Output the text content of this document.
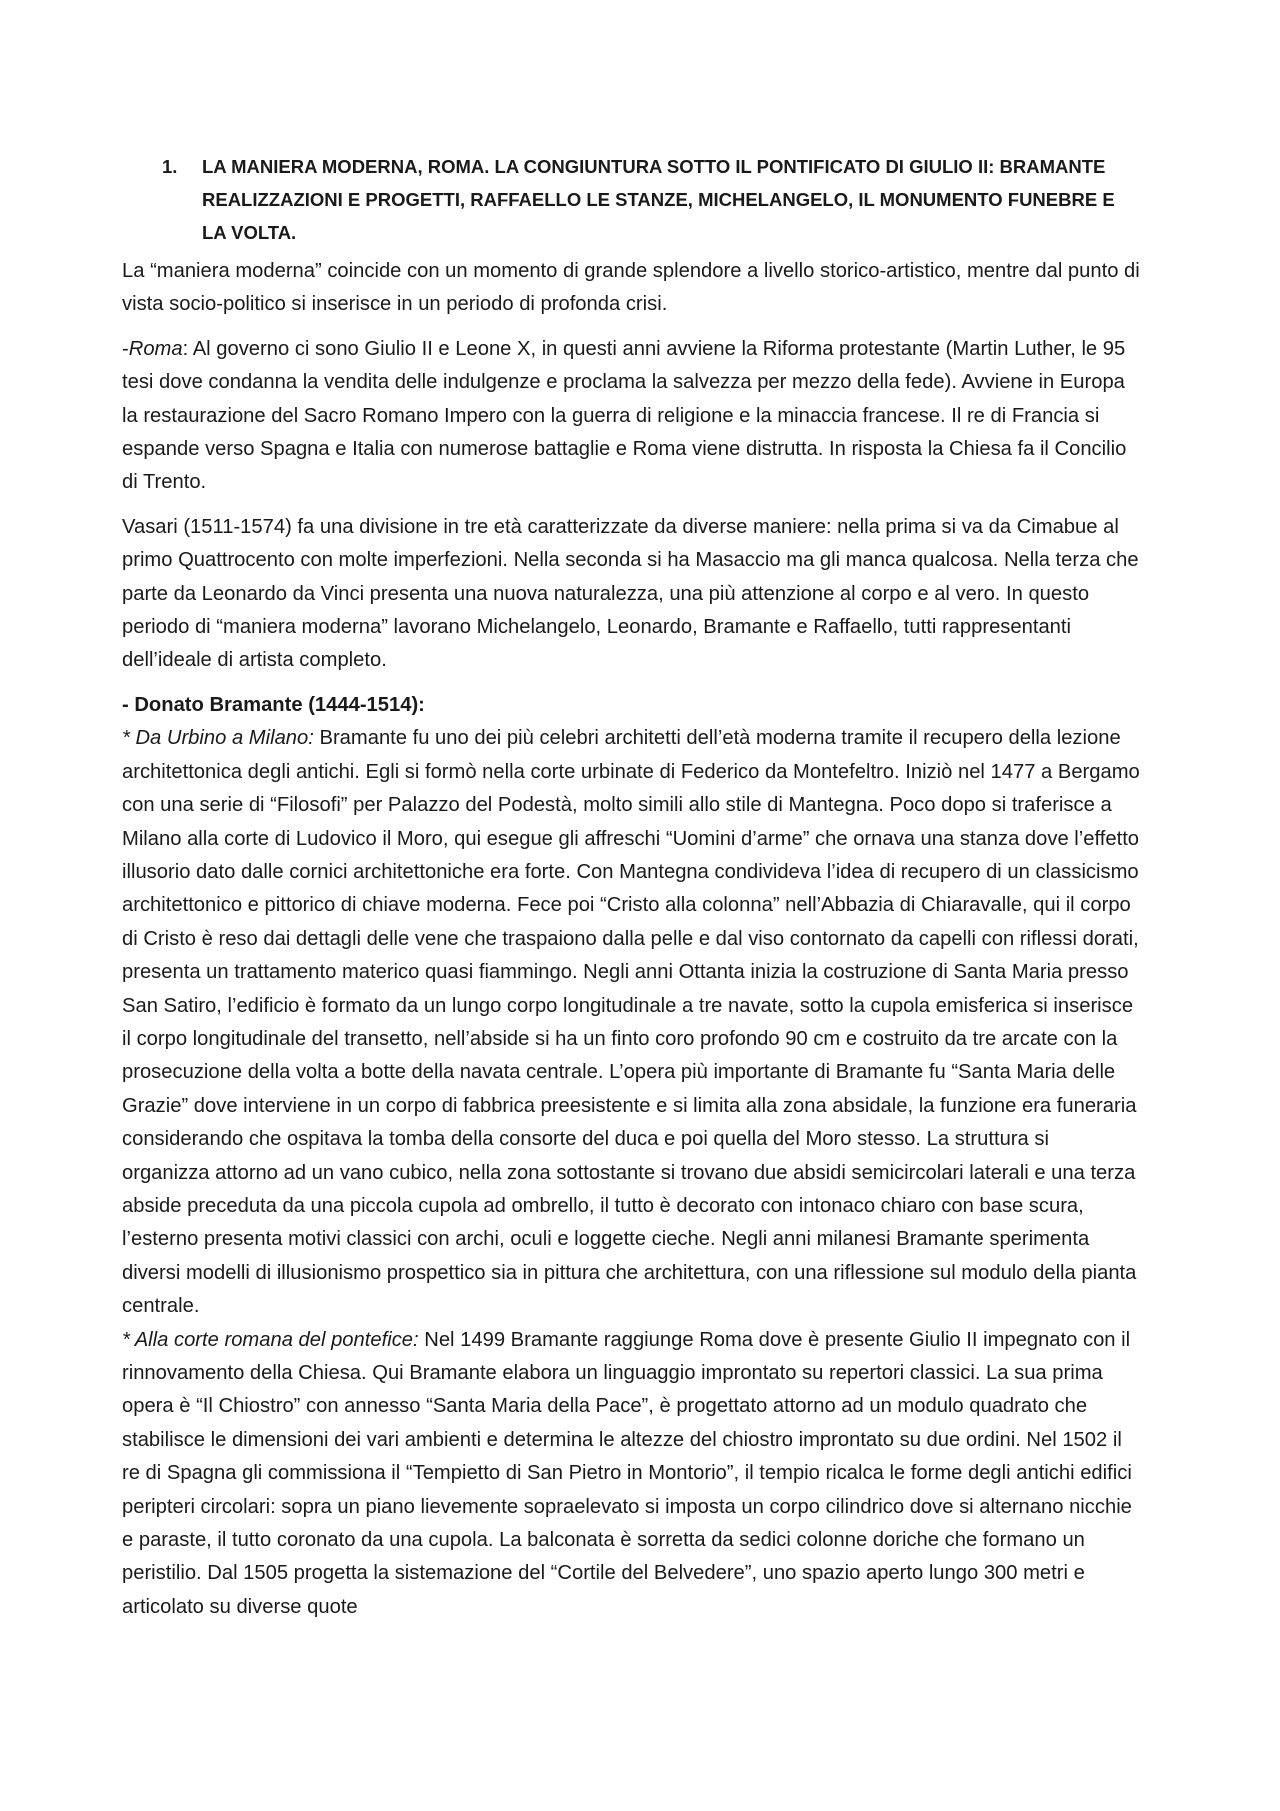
1.	LA MANIERA MODERNA, ROMA. LA CONGIUNTURA SOTTO IL PONTIFICATO DI GIULIO II: BRAMANTE REALIZZAZIONI E PROGETTI, RAFFAELLO LE STANZE, MICHELANGELO, IL MONUMENTO FUNEBRE E LA VOLTA.

La “maniera moderna” coincide con un momento di grande splendore a livello storico-artistico, mentre dal punto di vista socio-politico si inserisce in un periodo di profonda crisi.

-Roma: Al governo ci sono Giulio II e Leone X, in questi anni avviene la Riforma protestante (Martin Luther, le 95 tesi dove condanna la vendita delle indulgenze e proclama la salvezza per mezzo della fede). Avviene in Europa la restaurazione del Sacro Romano Impero con la guerra di religione e la minaccia francese. Il re di Francia si espande verso Spagna e Italia con numerose battaglie e Roma viene distrutta. In risposta la Chiesa fa il Concilio di Trento.

Vasari (1511-1574) fa una divisione in tre età caratterizzate da diverse maniere: nella prima si va da Cimabue al primo Quattrocento con molte imperfezioni. Nella seconda si ha Masaccio ma gli manca qualcosa. Nella terza che parte da Leonardo da Vinci presenta una nuova naturalezza, una più attenzione al corpo e al vero. In questo periodo di “maniera moderna” lavorano Michelangelo, Leonardo, Bramante e Raffaello, tutti rappresentanti dell’ideale di artista completo.

- Donato Bramante (1444-1514):

* Da Urbino a Milano: Bramante fu uno dei più celebri architetti dell’età moderna tramite il recupero della lezione architettonica degli antichi. Egli si formò nella corte urbinate di Federico da Montefeltro. Iniziò nel 1477 a Bergamo con una serie di “Filosofi” per Palazzo del Podestà, molto simili allo stile di Mantegna. Poco dopo si traferisce a Milano alla corte di Ludovico il Moro, qui esegue gli affreschi “Uomini d’arme” che ornava una stanza dove l’effetto illusorio dato dalle cornici architettoniche era forte. Con Mantegna condivideva l’idea di recupero di un classicismo architettonico e pittorico di chiave moderna. Fece poi “Cristo alla colonna” nell’Abbazia di Chiaravalle, qui il corpo di Cristo è reso dai dettagli delle vene che traspaiono dalla pelle e dal viso contornato da capelli con riflessi dorati, presenta un trattamento materico quasi fiammingo. Negli anni Ottanta inizia la costruzione di Santa Maria presso San Satiro, l’edificio è formato da un lungo corpo longitudinale a tre navate, sotto la cupola emisferica si inserisce il corpo longitudinale del transetto, nell’abside si ha un finto coro profondo 90 cm e costruito da tre arcate con la prosecuzione della volta a botte della navata centrale. L’opera più importante di Bramante fu “Santa Maria delle Grazie” dove interviene in un corpo di fabbrica preesistente e si limita alla zona absidale, la funzione era funeraria considerando che ospitava la tomba della consorte del duca e poi quella del Moro stesso. La struttura si organizza attorno ad un vano cubico, nella zona sottostante si trovano due absidi semicircolari laterali e una terza abside preceduta da una piccola cupola ad ombrello, il tutto è decorato con intonaco chiaro con base scura, l’esterno presenta motivi classici con archi, oculi e loggette cieche. Negli anni milanesi Bramante sperimenta diversi modelli di illusionismo prospettico sia in pittura che architettura, con una riflessione sul modulo della pianta centrale.

* Alla corte romana del pontefice: Nel 1499 Bramante raggiunge Roma dove è presente Giulio II impegnato con il rinnovamento della Chiesa. Qui Bramante elabora un linguaggio improntato su repertori classici. La sua prima opera è “Il Chiostro” con annesso “Santa Maria della Pace”, è progettato attorno ad un modulo quadrato che stabilisce le dimensioni dei vari ambienti e determina le altezze del chiostro improntato su due ordini. Nel 1502 il re di Spagna gli commissiona il “Tempietto di San Pietro in Montorio”, il tempio ricalca le forme degli antichi edifici peripteri circolari: sopra un piano lievemente sopraelevato si imposta un corpo cilindrico dove si alternano nicchie e paraste, il tutto coronato da una cupola. La balconata è sorretta da sedici colonne doriche che formano un peristilio. Dal 1505 progetta la sistemazione del “Cortile del Belvedere”, uno spazio aperto lungo 300 metri e articolato su diverse quote
